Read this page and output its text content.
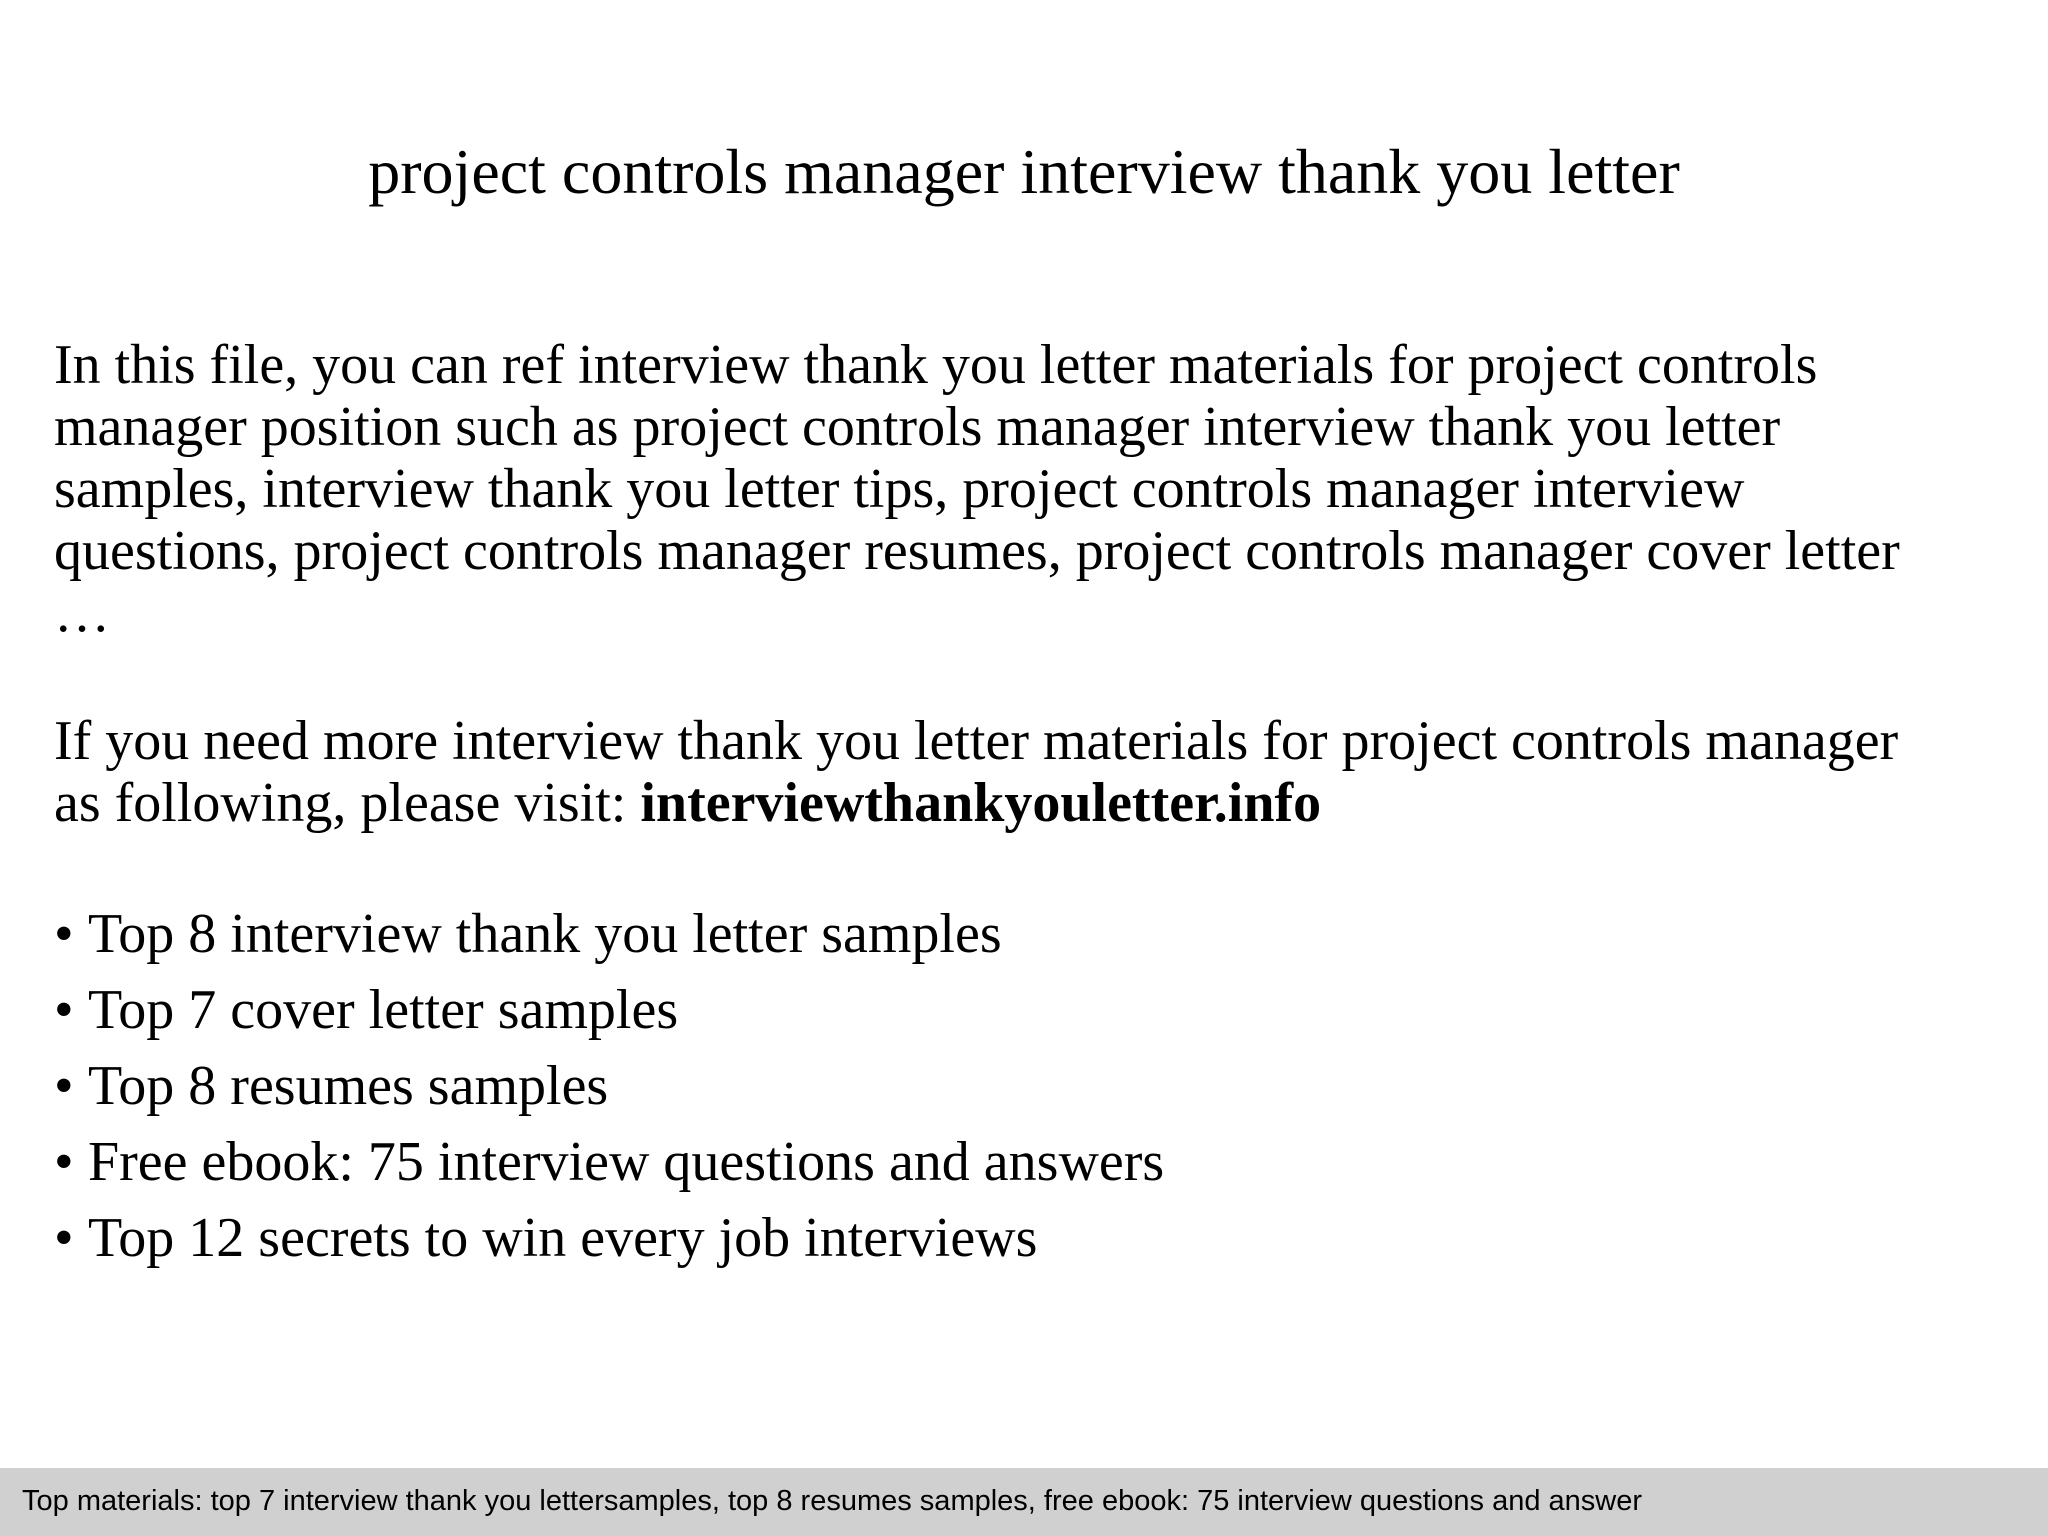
project controls manager interview thank you letter

In this file, you can ref interview thank you letter materials for project controls
manager position such as project controls manager interview thank you letter
samples, interview thank you letter tips, project controls manager interview
questions, project controls manager resumes, project controls manager cover letter
…

If you need more interview thank you letter materials for project controls manager
as following, please visit: interviewthankyouletter.info

• Top 8 interview thank you letter samples
• Top 7 cover letter samples
• Top 8 resumes samples
• Free ebook: 75 interview questions and answers
• Top 12 secrets to win every job interviews
Top materials: top 7 interview thank you lettersamples, top 8 resumes samples, free ebook: 75 interview questions and answer
